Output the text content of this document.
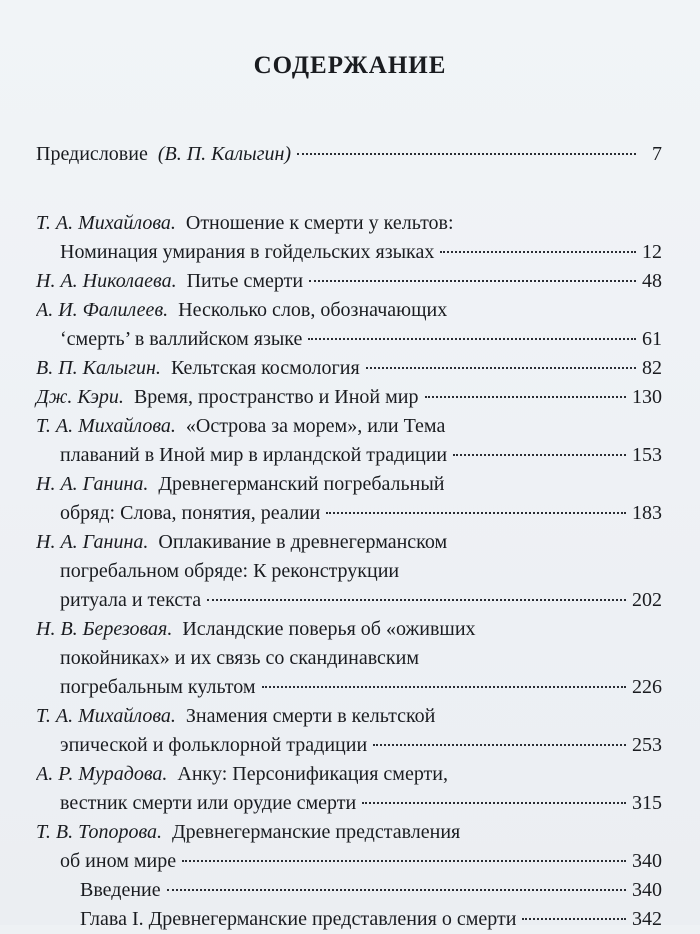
СОДЕРЖАНИЕ
Предисловие (В. П. Калыгин)	7
Т. А. Михайлова. Отношение к смерти у кельтов:
Номинация умирания в гойдельских языках	12
Н. А. Николаева. Питье смерти	48
А. И. Фалилеев. Несколько слов, обозначающих
‘смерть’ в валлийском языке	61
В. П. Калыгин. Кельтская космология	82
Дж. Кэри. Время, пространство и Иной мир	130
Т. А. Михайлова. «Острова за морем», или Тема
плаваний в Иной мир в ирландской традиции	153
Н. А. Ганина. Древнегерманский погребальный
обряд: Слова, понятия, реалии	183
Н. А. Ганина. Оплакивание в древнегерманском
погребальном обряде: К реконструкции
ритуала и текста	202
Н. В. Березовая. Исландские поверья об «оживших
покойниках» и их связь со скандинавским
погребальным культом	226
Т. А. Михайлова. Знамения смерти в кельтской
эпической и фольклорной традиции	253
А. Р. Мурадова. Анку: Персонификация смерти,
вестник смерти или орудие смерти	315
Т. В. Топорова. Древнегерманские представления
об ином мире	340
Введение	340
Глава I. Древнегерманские представления о смерти	342
